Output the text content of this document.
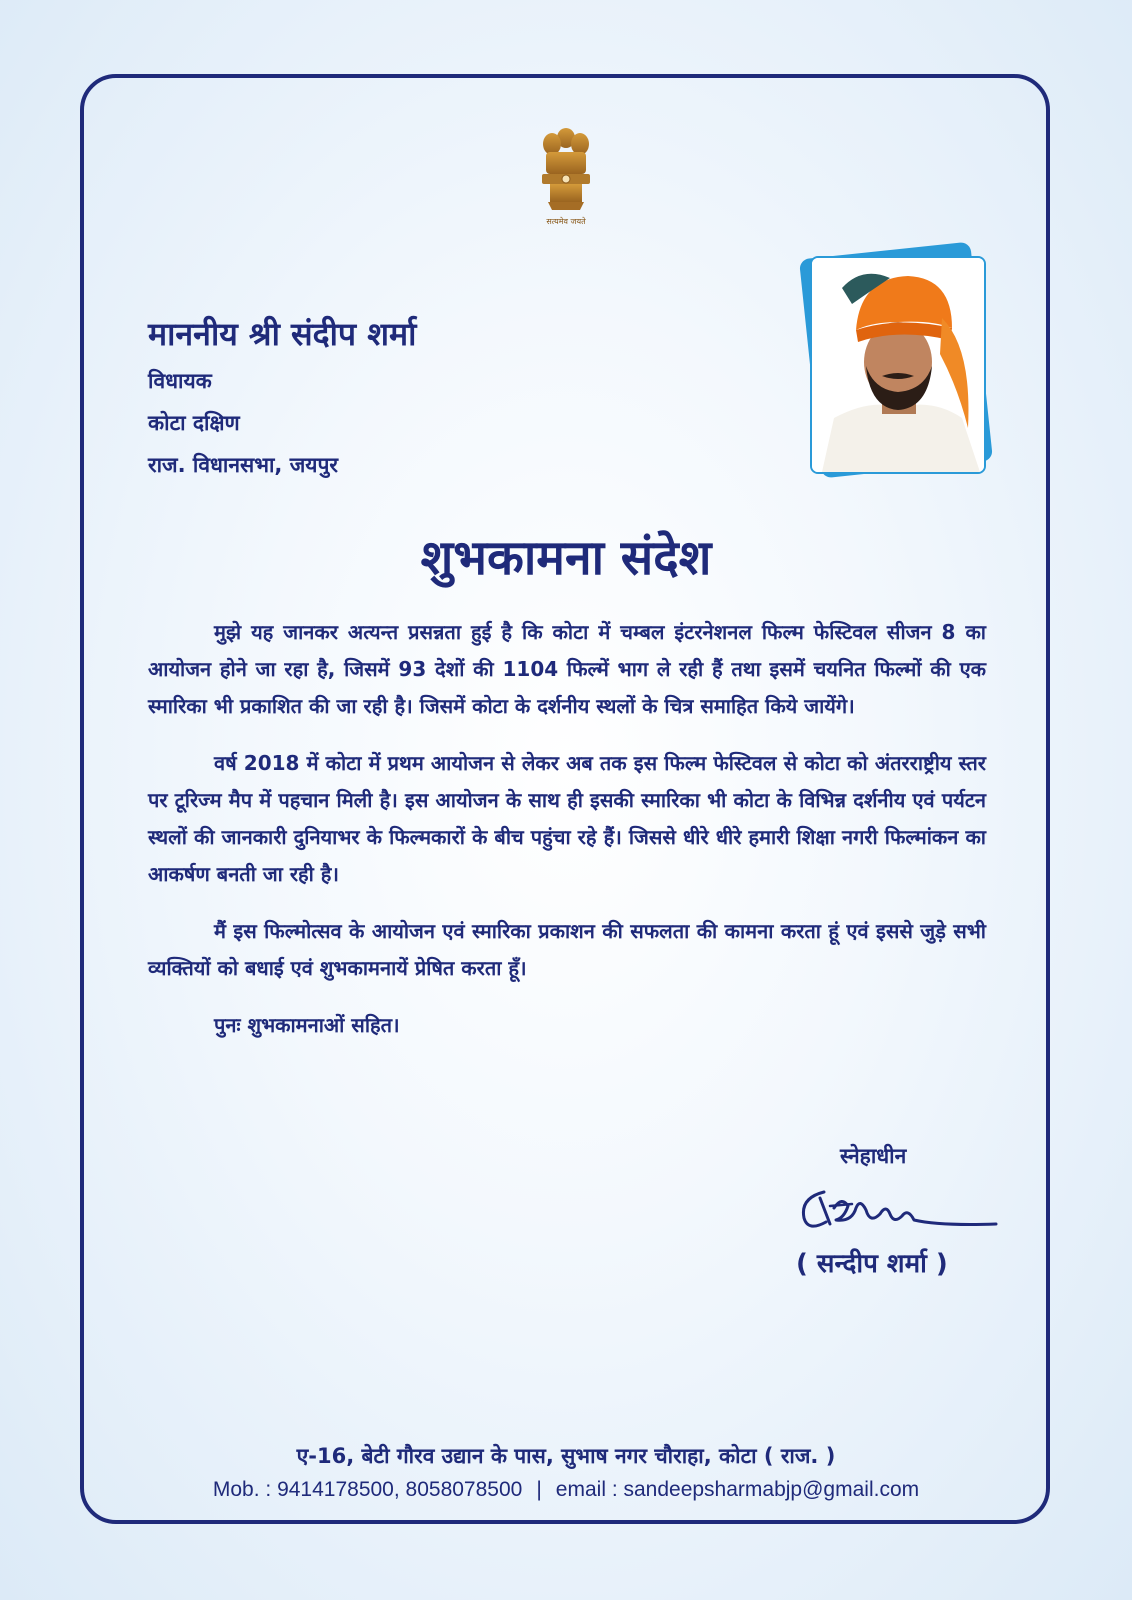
सत्यमेव जयते
माननीय श्री संदीप शर्मा
विधायक
कोटा दक्षिण
राज. विधानसभा, जयपुर
शुभकामना संदेश

मुझे यह जानकर अत्यन्त प्रसन्नता हुई है कि कोटा में चम्बल इंटरनेशनल फिल्म फेस्टिवल सीजन 8 का आयोजन होने जा रहा है, जिसमें 93 देशों की 1104 फिल्में भाग ले रही हैं तथा इसमें चयनित फिल्मों की एक स्मारिका भी प्रकाशित की जा रही है। जिसमें कोटा के दर्शनीय स्थलों के चित्र समाहित किये जायेंगे।

वर्ष 2018 में कोटा में प्रथम आयोजन से लेकर अब तक इस फिल्म फेस्टिवल से कोटा को अंतरराष्ट्रीय स्तर पर टूरिज्म मैप में पहचान मिली है। इस आयोजन के साथ ही इसकी स्मारिका भी कोटा के विभिन्न दर्शनीय एवं पर्यटन स्थलों की जानकारी दुनियाभर के फिल्मकारों के बीच पहुंचा रहे हैं। जिससे धीरे धीरे हमारी शिक्षा नगरी फिल्मांकन का आकर्षण बनती जा रही है।

मैं इस फिल्मोत्सव के आयोजन एवं स्मारिका प्रकाशन की सफलता की कामना करता हूं एवं इससे जुड़े सभी व्यक्तियों को बधाई एवं शुभकामनायें प्रेषित करता हूँ।

पुनः शुभकामनाओं सहित।

स्नेहाधीन
( सन्दीप शर्मा )
ए-16, बेटी गौरव उद्यान के पास, सुभाष नगर चौराहा, कोटा ( राज. )
Mob. : 9414178500, 8058078500 | email : sandeepsharmabjp@gmail.com
